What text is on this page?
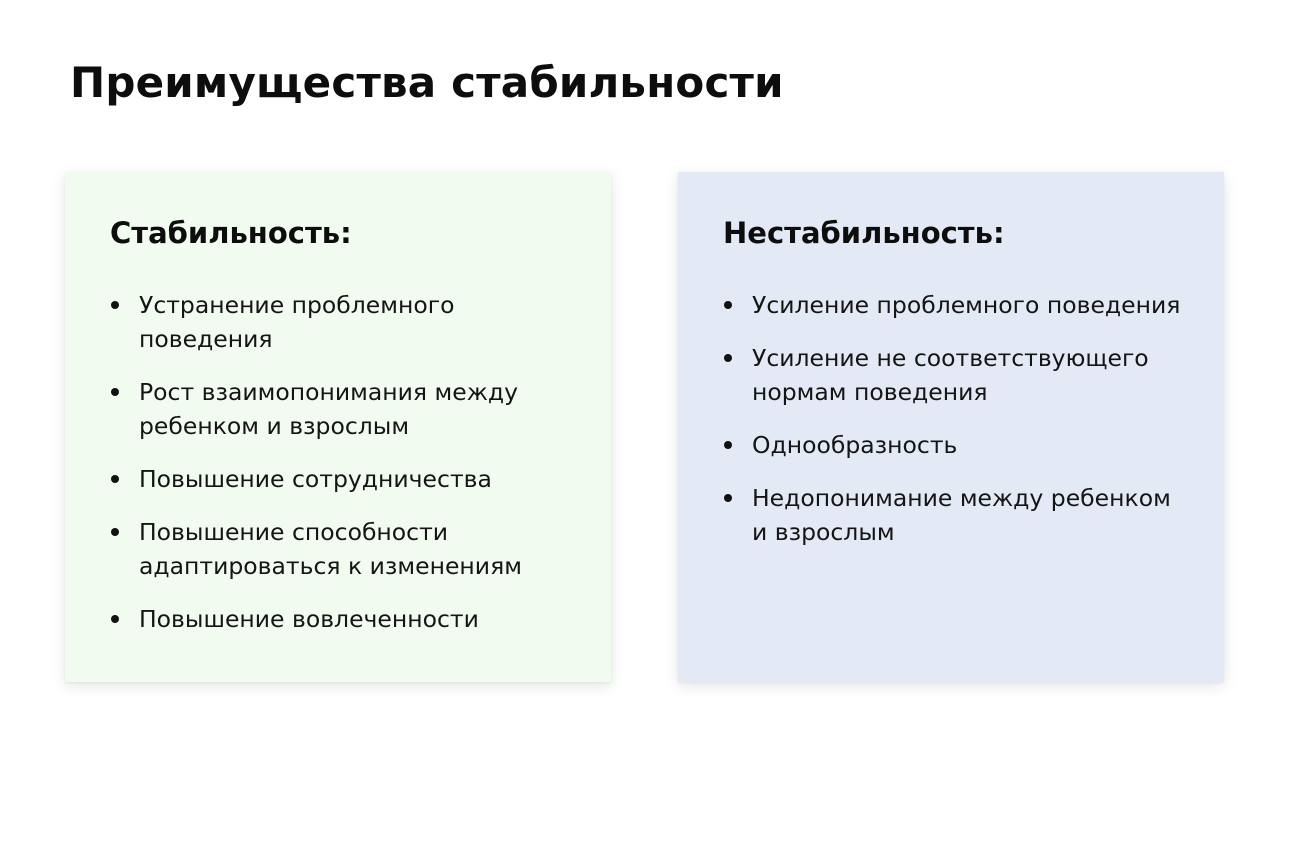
Преимущества стабильности
Стабильность:
Устранение проблемного поведения
Рост взаимопонимания между ребенком и взрослым
Повышение сотрудничества
Повышение способности адаптироваться к изменениям
Повышение вовлеченности
Нестабильность:
Усиление проблемного поведения
Усиление не соответствующего нормам поведения
Однообразность
Недопонимание между ребенком и взрослым
